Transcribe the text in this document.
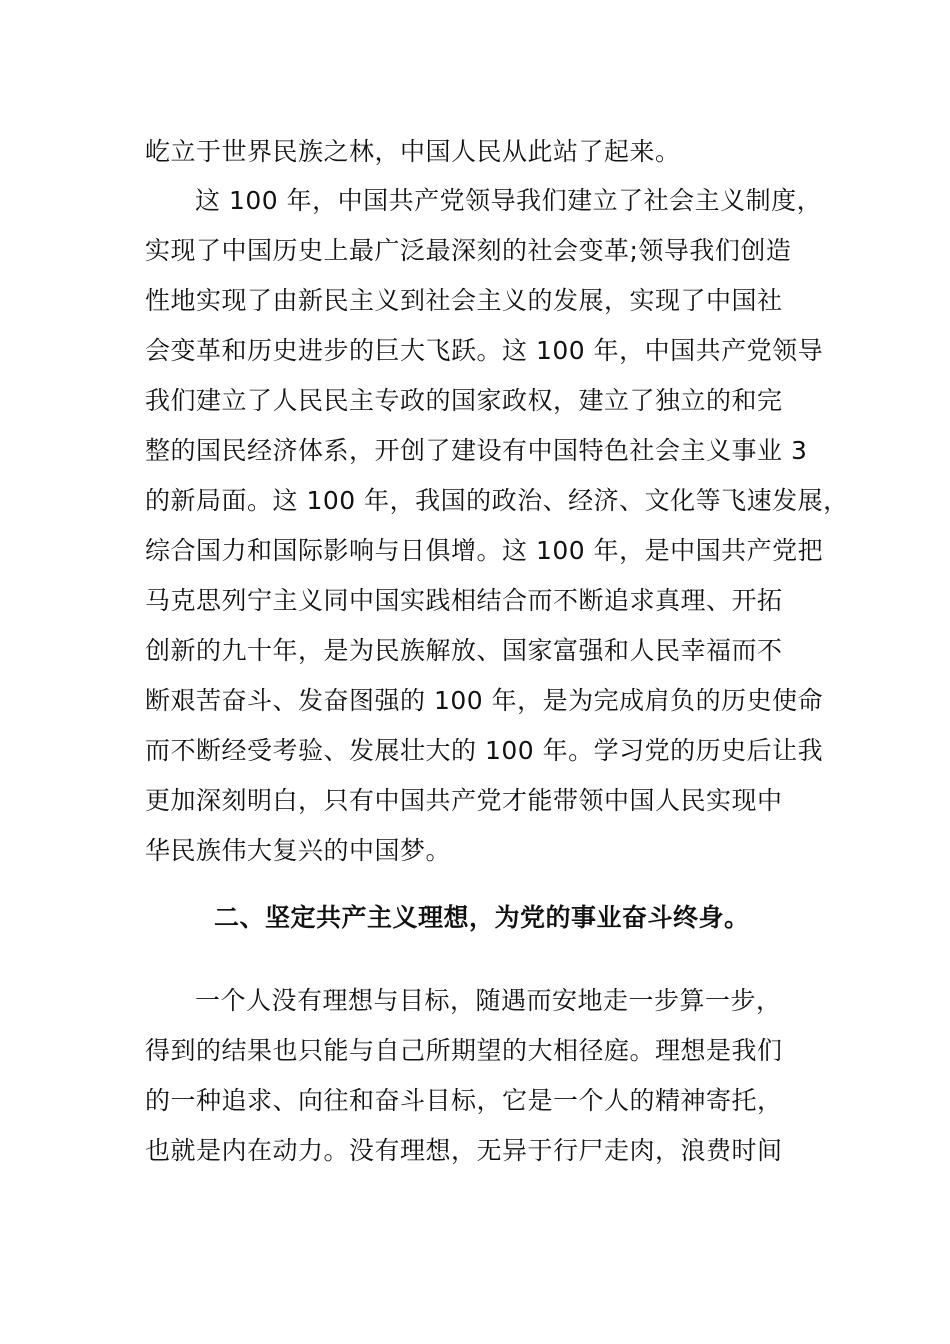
屹立于世界民族之林，中国人民从此站了起来。
这 100 年，中国共产党领导我们建立了社会主义制度，
实现了中国历史上最广泛最深刻的社会变革;领导我们创造
性地实现了由新民主义到社会主义的发展，实现了中国社
会变革和历史进步的巨大飞跃。这 100 年，中国共产党领导
我们建立了人民民主专政的国家政权，建立了独立的和完
整的国民经济体系，开创了建设有中国特色社会主义事业 3
的新局面。这 100 年，我国的政治、经济、文化等飞速发展，
综合国力和国际影响与日俱增。这 100 年，是中国共产党把
马克思列宁主义同中国实践相结合而不断追求真理、开拓
创新的九十年，是为民族解放、国家富强和人民幸福而不
断艰苦奋斗、发奋图强的 100 年，是为完成肩负的历史使命
而不断经受考验、发展壮大的 100 年。学习党的历史后让我
更加深刻明白，只有中国共产党才能带领中国人民实现中
华民族伟大复兴的中国梦。
二、坚定共产主义理想，为党的事业奋斗终身。
一个人没有理想与目标，随遇而安地走一步算一步，
得到的结果也只能与自己所期望的大相径庭。理想是我们
的一种追求、向往和奋斗目标，它是一个人的精神寄托，
也就是内在动力。没有理想，无异于行尸走肉，浪费时间
